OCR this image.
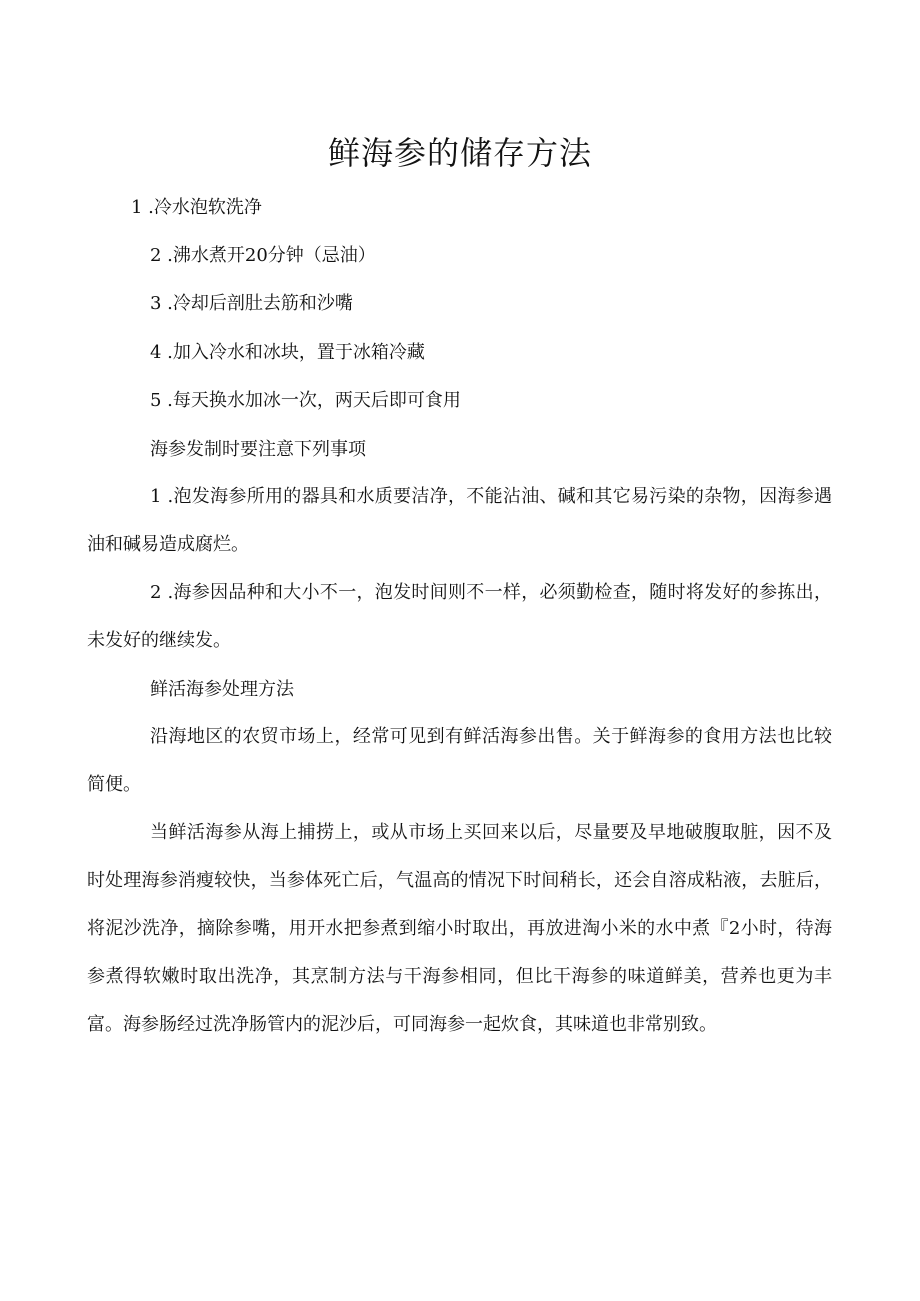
鲜海参的储存方法

1 .冷水泡软洗净

2 .沸水煮开20分钟（忌油）

3 .冷却后剖肚去筋和沙嘴

4 .加入冷水和冰块，置于冰箱冷藏

5 .每天换水加冰一次，两天后即可食用

海参发制时要注意下列事项

1 .泡发海参所用的器具和水质要洁净，不能沾油、碱和其它易污染的杂物，因海参遇油和碱易造成腐烂。

2 .海参因品种和大小不一，泡发时间则不一样，必须勤检查，随时将发好的参拣出，未发好的继续发。

鲜活海参处理方法

沿海地区的农贸市场上，经常可见到有鲜活海参出售。关于鲜海参的食用方法也比较简便。

当鲜活海参从海上捕捞上，或从市场上买回来以后，尽量要及早地破腹取脏，因不及时处理海参消瘦较快，当参体死亡后，气温高的情况下时间稍长，还会自溶成粘液，去脏后，将泥沙洗净，摘除参嘴，用开水把参煮到缩小时取出，再放进淘小米的水中煮『2小时，待海参煮得软嫩时取出洗净，其烹制方法与干海参相同，但比干海参的味道鲜美，营养也更为丰富。海参肠经过洗净肠管内的泥沙后，可同海参一起炊食，其味道也非常别致。
